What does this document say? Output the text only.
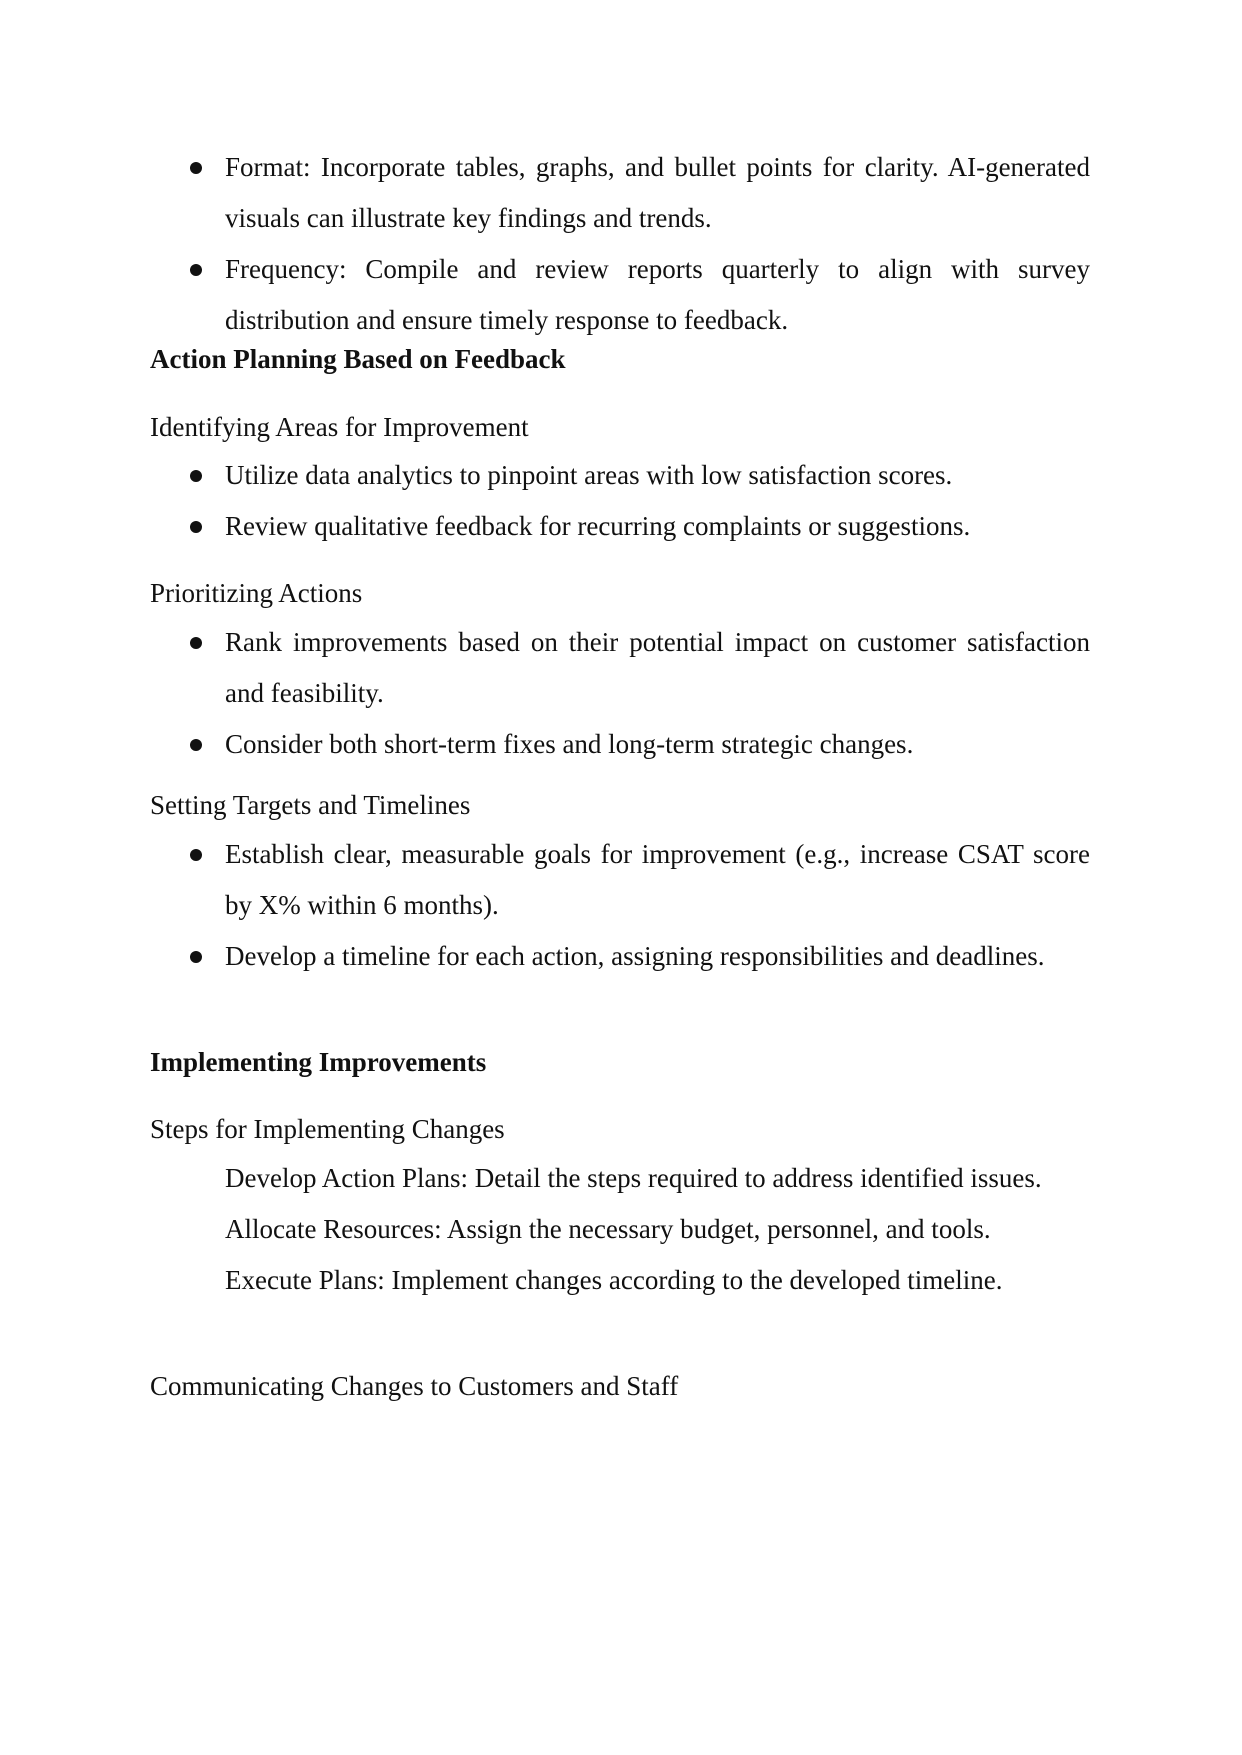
Format: Incorporate tables, graphs, and bullet points for clarity. AI-generated visuals can illustrate key findings and trends.
Frequency: Compile and review reports quarterly to align with survey distribution and ensure timely response to feedback.
Action Planning Based on Feedback
Identifying Areas for Improvement
Utilize data analytics to pinpoint areas with low satisfaction scores.
Review qualitative feedback for recurring complaints or suggestions.
Prioritizing Actions
Rank improvements based on their potential impact on customer satisfaction and feasibility.
Consider both short-term fixes and long-term strategic changes.
Setting Targets and Timelines
Establish clear, measurable goals for improvement (e.g., increase CSAT score by X% within 6 months).
Develop a timeline for each action, assigning responsibilities and deadlines.
Implementing Improvements
Steps for Implementing Changes
Develop Action Plans: Detail the steps required to address identified issues.
Allocate Resources: Assign the necessary budget, personnel, and tools.
Execute Plans: Implement changes according to the developed timeline.
Communicating Changes to Customers and Staff
